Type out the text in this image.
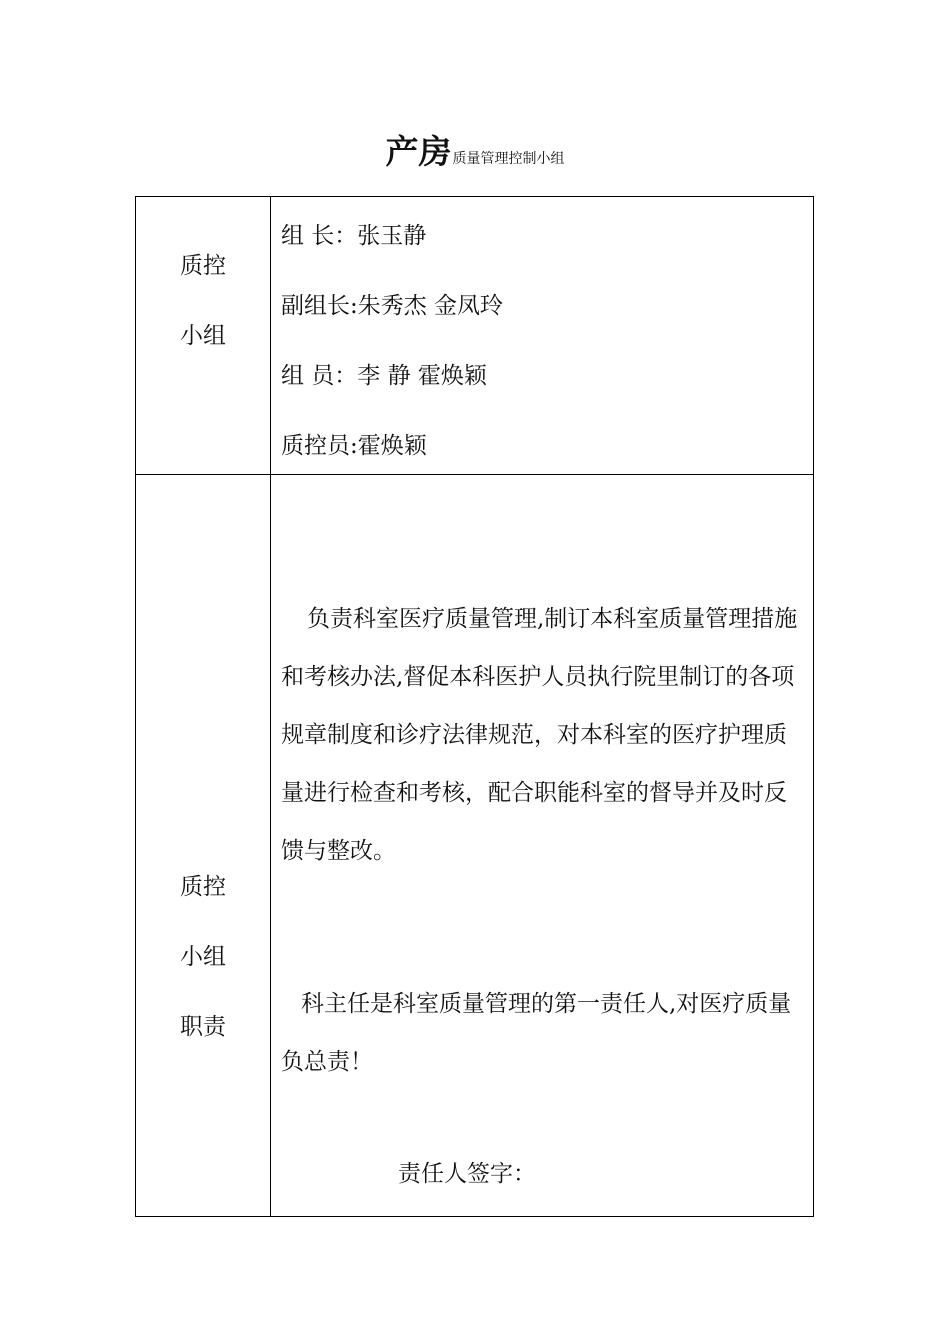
产房质量管理控制小组
质控
小组
组 长：张玉静
副组长:朱秀杰 金凤玲
组 员：李 静 霍焕颖
质控员:霍焕颖
质控
小组
职责
负责科室医疗质量管理,制订本科室质量管理措施和考核办法,督促本科医护人员执行院里制订的各项规章制度和诊疗法律规范，对本科室的医疗护理质量进行检查和考核，配合职能科室的督导并及时反馈与整改。
科主任是科室质量管理的第一责任人,对医疗质量负总责！
责任人签字：
